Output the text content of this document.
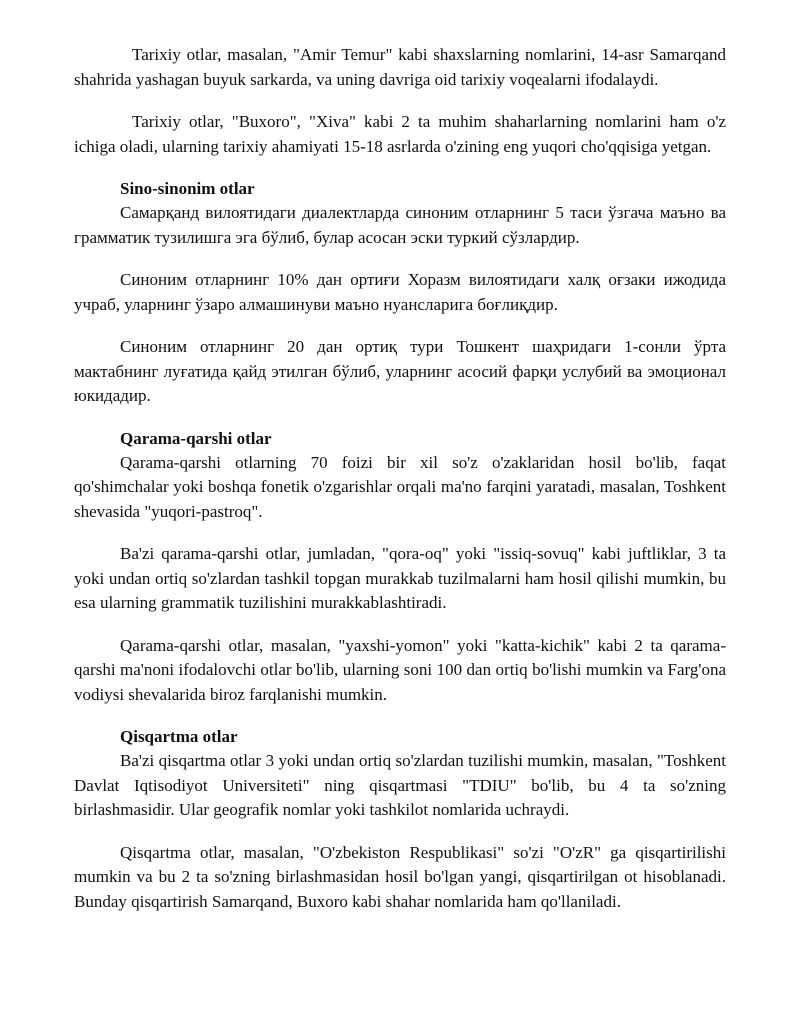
Tarixiy otlar, masalan, "Amir Temur" kabi shaxslarning nomlarini, 14-asr Samarqand shahrida yashagan buyuk sarkarda, va uning davriga oid tarixiy voqealarni ifodalaydi.

Tarixiy otlar, "Buxoro", "Xiva" kabi 2 ta muhim shaharlarning nomlarini ham o'z ichiga oladi, ularning tarixiy ahamiyati 15-18 asrlarda o'zining eng yuqori cho'qqisiga yetgan.

Sino-sinonim otlar

Самарқанд вилоятидаги диалектларда синоним отларнинг 5 таси ўзгача маъно ва грамматик тузилишга эга бўлиб, булар асосан эски туркий сўзлардир.

Синоним отларнинг 10% дан ортиғи Хоразм вилоятидаги халқ оғзаки ижодида учраб, уларнинг ўзаро алмашинуви маъно нуансларига боғлиқдир.

Синоним отларнинг 20 дан ортиқ тури Тошкент шаҳридаги 1-сонли ўрта мактабнинг луғатида қайд этилган бўлиб, уларнинг асосий фарқи услубий ва эмоционал юкидадир.

Qarama-qarshi otlar

Qarama-qarshi otlarning 70 foizi bir xil so'z o'zaklaridan hosil bo'lib, faqat qo'shimchalar yoki boshqa fonetik o'zgarishlar orqali ma'no farqini yaratadi, masalan, Toshkent shevasida "yuqori-pastroq".

Ba'zi qarama-qarshi otlar, jumladan, "qora-oq" yoki "issiq-sovuq" kabi juftliklar, 3 ta yoki undan ortiq so'zlardan tashkil topgan murakkab tuzilmalarni ham hosil qilishi mumkin, bu esa ularning grammatik tuzilishini murakkablashtiradi.

Qarama-qarshi otlar, masalan, "yaxshi-yomon" yoki "katta-kichik" kabi 2 ta qarama-qarshi ma'noni ifodalovchi otlar bo'lib, ularning soni 100 dan ortiq bo'lishi mumkin va Farg'ona vodiysi shevalarida biroz farqlanishi mumkin.

Qisqartma otlar

Ba'zi qisqartma otlar 3 yoki undan ortiq so'zlardan tuzilishi mumkin, masalan, "Toshkent Davlat Iqtisodiyot Universiteti" ning qisqartmasi "TDIU" bo'lib, bu 4 ta so'zning birlashmasidir. Ular geografik nomlar yoki tashkilot nomlarida uchraydi.

Qisqartma otlar, masalan, "O'zbekiston Respublikasi" so'zi "O'zR" ga qisqartirilishi mumkin va bu 2 ta so'zning birlashmasidan hosil bo'lgan yangi, qisqartirilgan ot hisoblanadi. Bunday qisqartirish Samarqand, Buxoro kabi shahar nomlarida ham qo'llaniladi.
